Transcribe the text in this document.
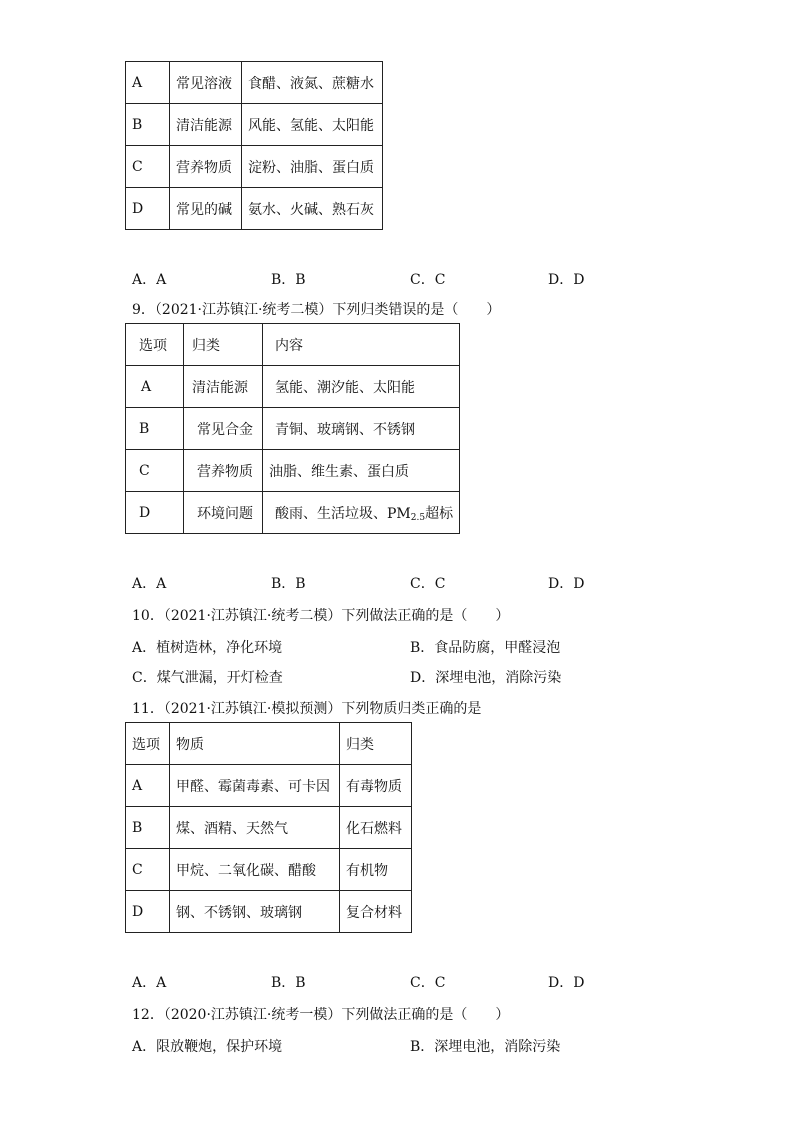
A	常见溶液	食醋、液氮、蔗糖水
B	清洁能源	风能、氢能、太阳能
C	营养物质	淀粉、油脂、蛋白质
D	常见的碱	氨水、火碱、熟石灰
A．A	B．B	C．C	D．D
9．（2021·江苏镇江·统考二模）下列归类错误的是（　　）
选项	归类	内容
A	清洁能源	氢能、潮汐能、太阳能
B	常见合金	青铜、玻璃钢、不锈钢
C	营养物质	油脂、维生素、蛋白质
D	环境问题	酸雨、生活垃圾、$PM_{2.5}$超标
A．A	B．B	C．C	D．D
10．（2021·江苏镇江·统考二模）下列做法正确的是（　　）
A．植树造林，净化环境	B．食品防腐，甲醛浸泡
C．煤气泄漏，开灯检查	D．深埋电池，消除污染
11．（2021·江苏镇江·模拟预测）下列物质归类正确的是
选项	物质	归类
A	甲醛、霉菌毒素、可卡因	有毒物质
B	煤、酒精、天然气	化石燃料
C	甲烷、二氧化碳、醋酸	有机物
D	钢、不锈钢、玻璃钢	复合材料
A．A	B．B	C．C	D．D
12．（2020·江苏镇江·统考一模）下列做法正确的是（　　）
A．限放鞭炮，保护环境	B．深埋电池，消除污染
